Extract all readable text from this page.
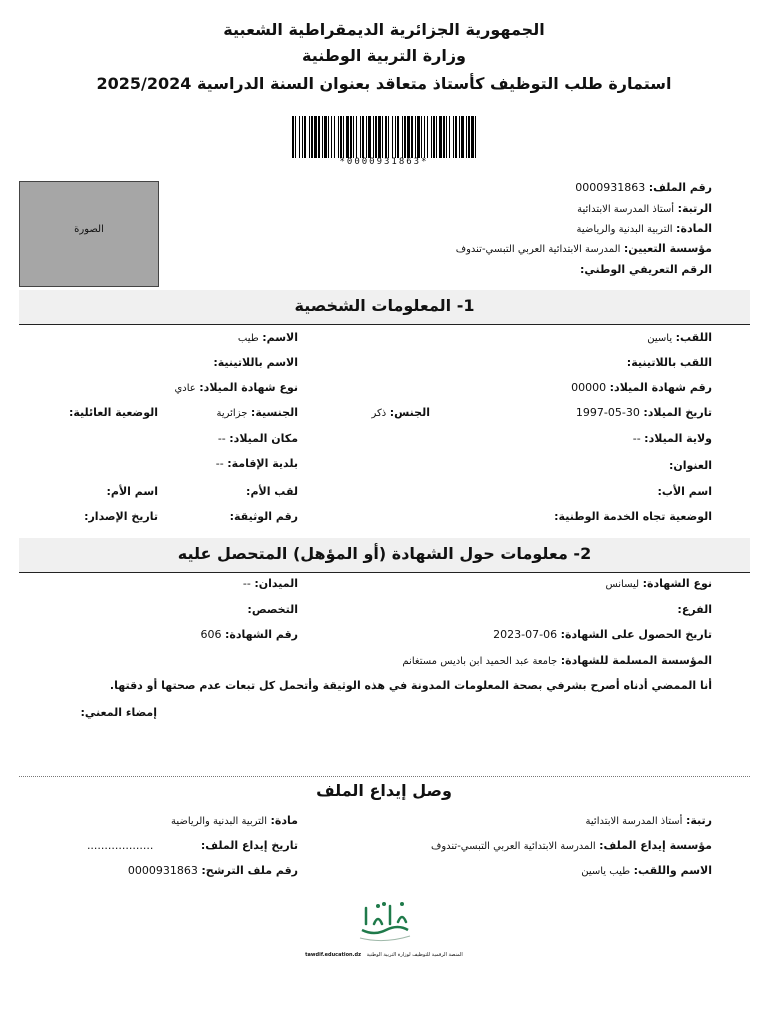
الجمهورية الجزائرية الديمقراطية الشعبية
وزارة التربية الوطنية
استمارة طلب التوظيف كأستاذ متعاقد بعنوان السنة الدراسية 2025/2024
*0000931863*
الصورة
رقم الملف: 0000931863
الرتبة: أستاذ المدرسة الابتدائية
المادة: التربية البدنية والرياضية
مؤسسة التعيين: المدرسة الابتدائية العربي التبسي-تندوف
الرقم التعريفي الوطني:
1- المعلومات الشخصية
اللقب: ياسين
الاسم: طيب
اللقب باللاتينية:
الاسم باللاتينية:
رقم شهادة الميلاد: 00000
نوع شهادة الميلاد: عادي
تاريخ الميلاد: 1997-05-30
الجنس: ذكر
الجنسية: جزائرية
الوضعية العائلية:
ولاية الميلاد: --
مكان الميلاد: --
بلدية الإقامة: --	العنوان:
اسم الأب:
لقب الأم:
اسم الأم:
الوضعية تجاه الخدمة الوطنية:
رقم الوثيقة:
تاريخ الإصدار:
2- معلومات حول الشهادة (أو المؤهل) المتحصل عليه
نوع الشهادة: ليسانس
الميدان: --
الفرع:
التخصص:
تاريخ الحصول على الشهادة: 2023-07-06
رقم الشهادة: 606
المؤسسة المسلمة للشهادة: جامعة عبد الحميد ابن باديس مستغانم
أنا الممضي أدناه أصرح بشرفي بصحة المعلومات المدونة في هذه الوثيقة وأتحمل كل تبعات عدم صحتها أو دقتها.
إمضاء المعني:
وصل إيداع الملف
رتبة: أستاذ المدرسة الابتدائية
مادة: التربية البدنية والرياضية
مؤسسة إيداع الملف: المدرسة الابتدائية العربي التبسي-تندوف
تاريخ إيداع الملف: ...................
الاسم واللقب: طيب ياسين
رقم ملف الترشح: 0000931863
tawdif.education.dz المنصة الرقمية للتوظيف لوزارة التربية الوطنية
